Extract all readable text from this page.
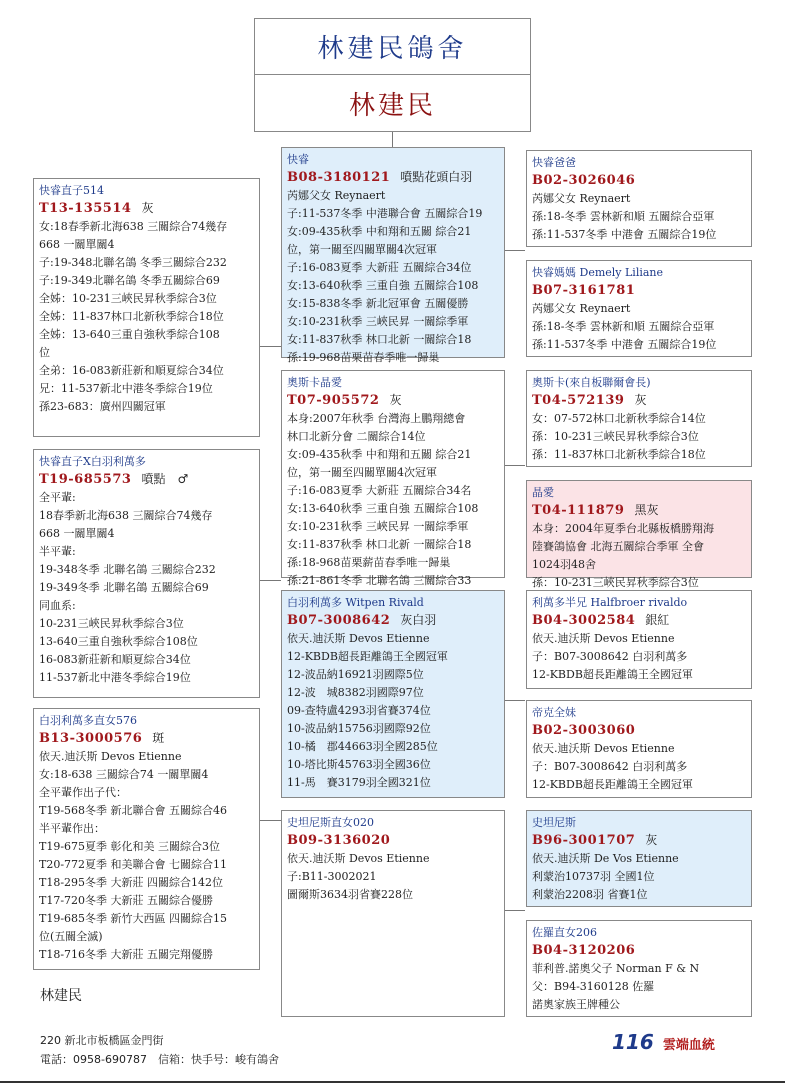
林建民鴿舍
林建民
快睿直子514
T13-135514 灰
女:18春季新北海638 三關綜合74幾存
668 一關單關4
子:19-348北聯名鴿 冬季三關綜合232
子:19-349北聯名鴿 冬季五關綜合69
全姊：10-231三峽民昇秋季綜合3位
全姊：11-837林口北新秋季綜合18位
全姊：13-640三重自強秋季綜合108
位
全弟：16-083新莊新和順夏綜合34位
兄：11-537新北中港冬季綜合19位
孫23-683：廣州四關冠軍
快睿直子X白羽利萬多
T19-685573 噴點　♂
全平輩:
18春季新北海638 三關綜合74幾存
668 一關單關4
半平輩:
19-348冬季 北聯名鴿 三關綜合232
19-349冬季 北聯名鴿 五關綜合69
同血系:
10-231三峽民昇秋季綜合3位
13-640三重自強秋季綜合108位
16-083新莊新和順夏綜合34位
11-537新北中港冬季綜合19位
白羽利萬多直女576
B13-3000576 斑
依天.迪沃斯 Devos Etienne
女:18-638 三關綜合74 一關單關4
全平輩作出子代：
T19-568冬季 新北聯合會 五關綜合46
半平輩作出：
T19-675夏季 彰化和美 三關綜合3位
T20-772夏季 和美聯合會 七關綜合11
T18-295冬季 大新莊 四關綜合142位
T17-720冬季 大新莊 五關綜合優勝
T19-685冬季 新竹大西區 四關綜合15
位(五關全滅)
T18-716冬季 大新莊 五關完翔優勝
快睿
B08-3180121 噴點花頭白羽
芮娜父女 Reynaert
子:11-537冬季 中港聯合會 五關綜合19
女:09-435秋季 中和翔和五關 綜合21
位，第一關至四關單關4次冠軍
子:16-083夏季 大新莊 五關綜合34位
女:13-640秋季 三重自強 五關綜合108
女:15-838冬季 新北冠軍會 五關優勝
女:10-231秋季 三峽民昇 一關綜季軍
女:11-837秋季 林口北新 一關綜合18
孫:19-968苗栗苗春季唯一歸巢
奧斯卡晶愛
T07-905572 灰
本身:2007年秋季 台灣海上鵬翔總會
林口北新分會 二關綜合14位
女:09-435秋季 中和翔和五關 綜合21
位，第一關至四關單關4次冠軍
子:16-083夏季 大新莊 五關綜合34名
女:13-640秋季 三重自強 五關綜合108
女:10-231秋季 三峽民昇 一關綜季軍
女:11-837秋季 林口北新 一關綜合18
孫:18-968苗栗薪苗春季唯一歸巢
孫:21-861冬季 北聯名鴿 三關綜合33
白羽利萬多 Witpen Rivald
B07-3008642 灰白羽
依天.迪沃斯 Devos Etienne
12-KBDB超長距離鴿王全國冠軍
12-波品納16921羽國際5位
12-波　城8382羽國際97位
09-查特盧4293羽省賽374位
10-波品納15756羽國際92位
10-橘　郡44663羽全國285位
10-塔比斯45763羽全國36位
11-馬　賽3179羽全國321位
史坦尼斯直女020
B09-3136020
依天.迪沃斯 Devos Etienne
子:B11-3002021
圖爾斯3634羽省賽228位
快睿爸爸
B02-3026046
芮娜父女 Reynaert
孫:18-冬季 雲林新和順 五關綜合亞軍
孫:11-537冬季 中港會 五關綜合19位
快睿媽媽 Demely Liliane
B07-3161781
芮娜父女 Reynaert
孫:18-冬季 雲林新和順 五關綜合亞軍
孫:11-537冬季 中港會 五關綜合19位
奧斯卡(來自板聯爾會長)
T04-572139 灰
女：07-572林口北新秋季綜合14位
孫：10-231三峽民昇秋季綜合3位
孫：11-837林口北新秋季綜合18位
晶愛
T04-111879 黑灰
本身：2004年夏季台北縣板橋勝翔海
陸賽鴿協會 北海五關綜合季軍 全會
1024羽48舍
孫：10-231三峽民昇秋季綜合3位
利萬多半兄 Halfbroer rivaldo
B04-3002584 銀紅
依天.迪沃斯 Devos Etienne
子：B07-3008642 白羽利萬多
12-KBDB超長距離鴿王全國冠軍
帝克全妹
B02-3003060
依天.迪沃斯 Devos Etienne
子：B07-3008642 白羽利萬多
12-KBDB超長距離鴿王全國冠軍
史坦尼斯
B96-3001707 灰
依天.迪沃斯 De Vos Etienne
利蒙治10737羽 全國1位
利蒙治2208羽 省賽1位
佐羅直女206
B04-3120206
菲利普.諾奧父子 Norman F & N
父：B94-3160128 佐羅
諾奧家族王牌種公
林建民
220 新北市板橋區金門街
電話：0958-690787　信箱：快手号：峻有鴿舍
116 雲端血統
